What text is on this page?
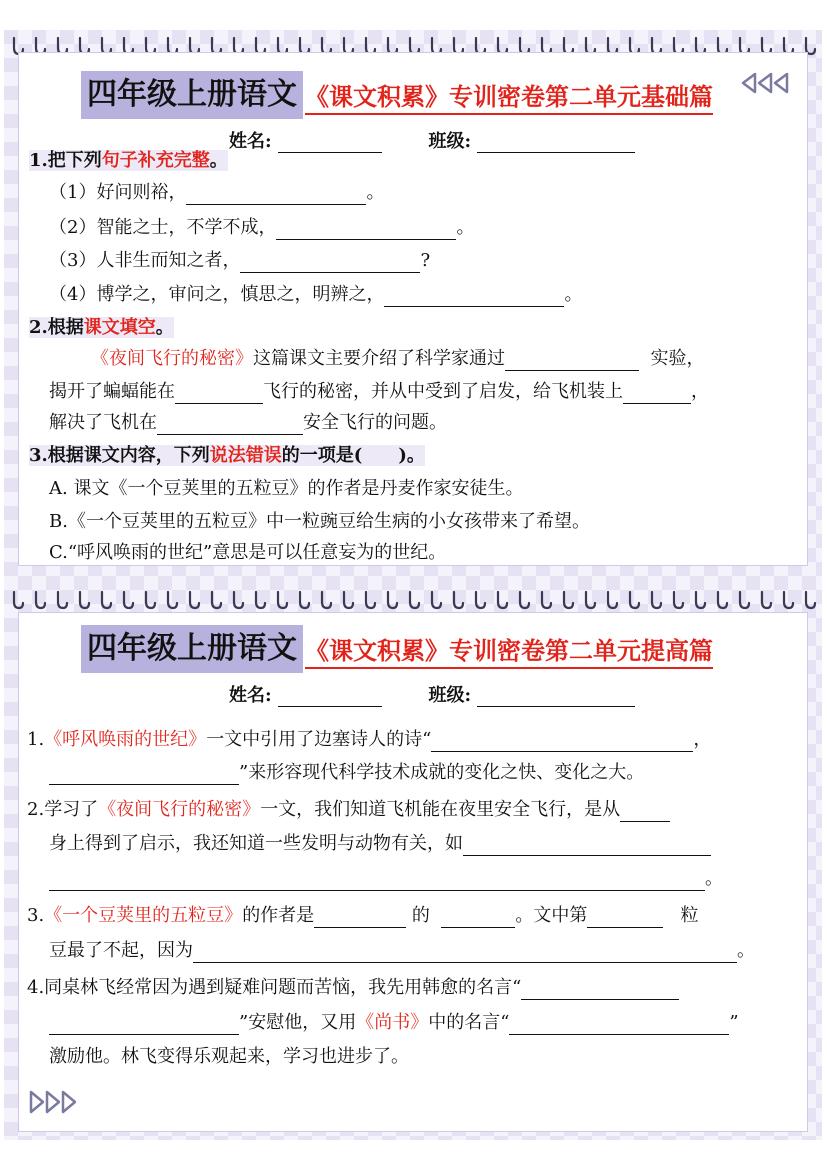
四年级上册语文 《课文积累》专训密卷第二单元基础篇
姓名:	班级:
1.把下列句子补充完整。
（1）好问则裕，	。
（2）智能之士，不学不成，	。
（3）人非生而知之者，	?
（4）博学之，审问之，慎思之，明辨之，	。
2.根据课文填空。
《夜间飞行的秘密》这篇课文主要介绍了科学家通过	实验，
揭开了蝙蝠能在	飞行的秘密，并从中受到了启发，给飞机装上	，
解决了飞机在	安全飞行的问题。
3.根据课文内容，下列说法错误的一项是(　　)。
A. 课文《一个豆荚里的五粒豆》的作者是丹麦作家安徒生。
B.《一个豆荚里的五粒豆》中一粒豌豆给生病的小女孩带来了希望。
C.“呼风唤雨的世纪”意思是可以任意妄为的世纪。
四年级上册语文 《课文积累》专训密卷第二单元提高篇
姓名:	班级:
1.《呼风唤雨的世纪》一文中引用了边塞诗人的诗“	，
”来形容现代科学技术成就的变化之快、变化之大。
2.学习了《夜间飞行的秘密》一文，我们知道飞机能在夜里安全飞行，是从
身上得到了启示，我还知道一些发明与动物有关，如
。
3.《一个豆荚里的五粒豆》的作者是	的	。文中第	粒
豆最了不起，因为	。
4.同桌林飞经常因为遇到疑难问题而苦恼，我先用韩愈的名言“
”安慰他，又用《尚书》中的名言“	”
激励他。林飞变得乐观起来，学习也进步了。
